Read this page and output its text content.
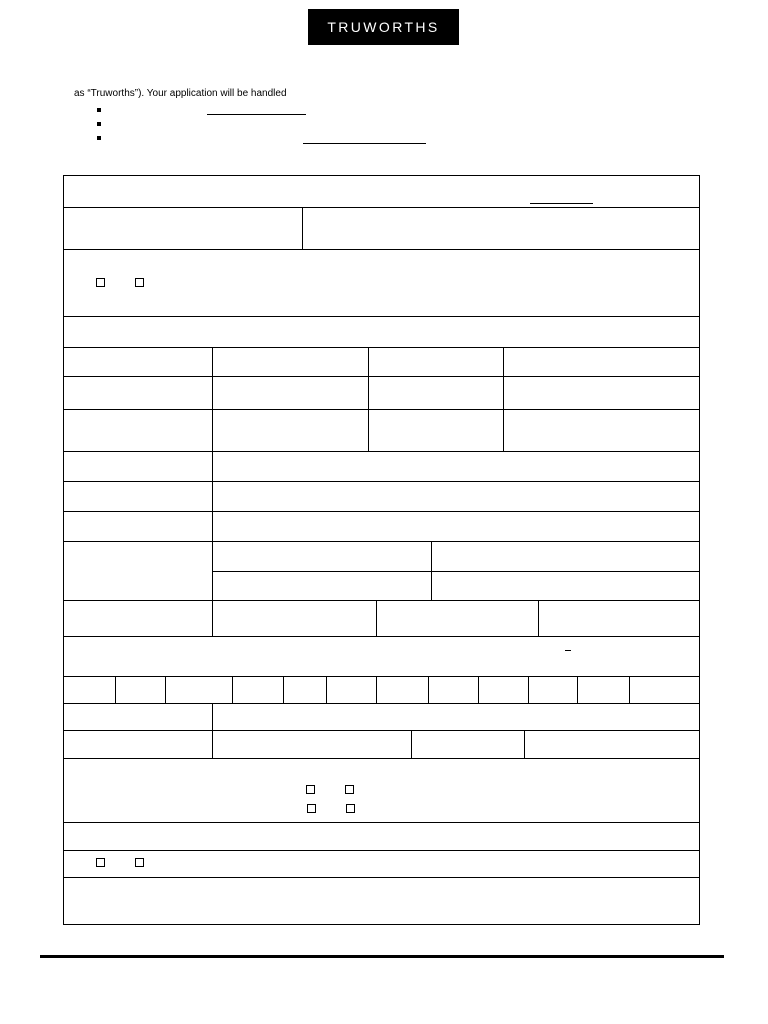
TRUWORTHS
as “Truworths”). Your application will be handled
